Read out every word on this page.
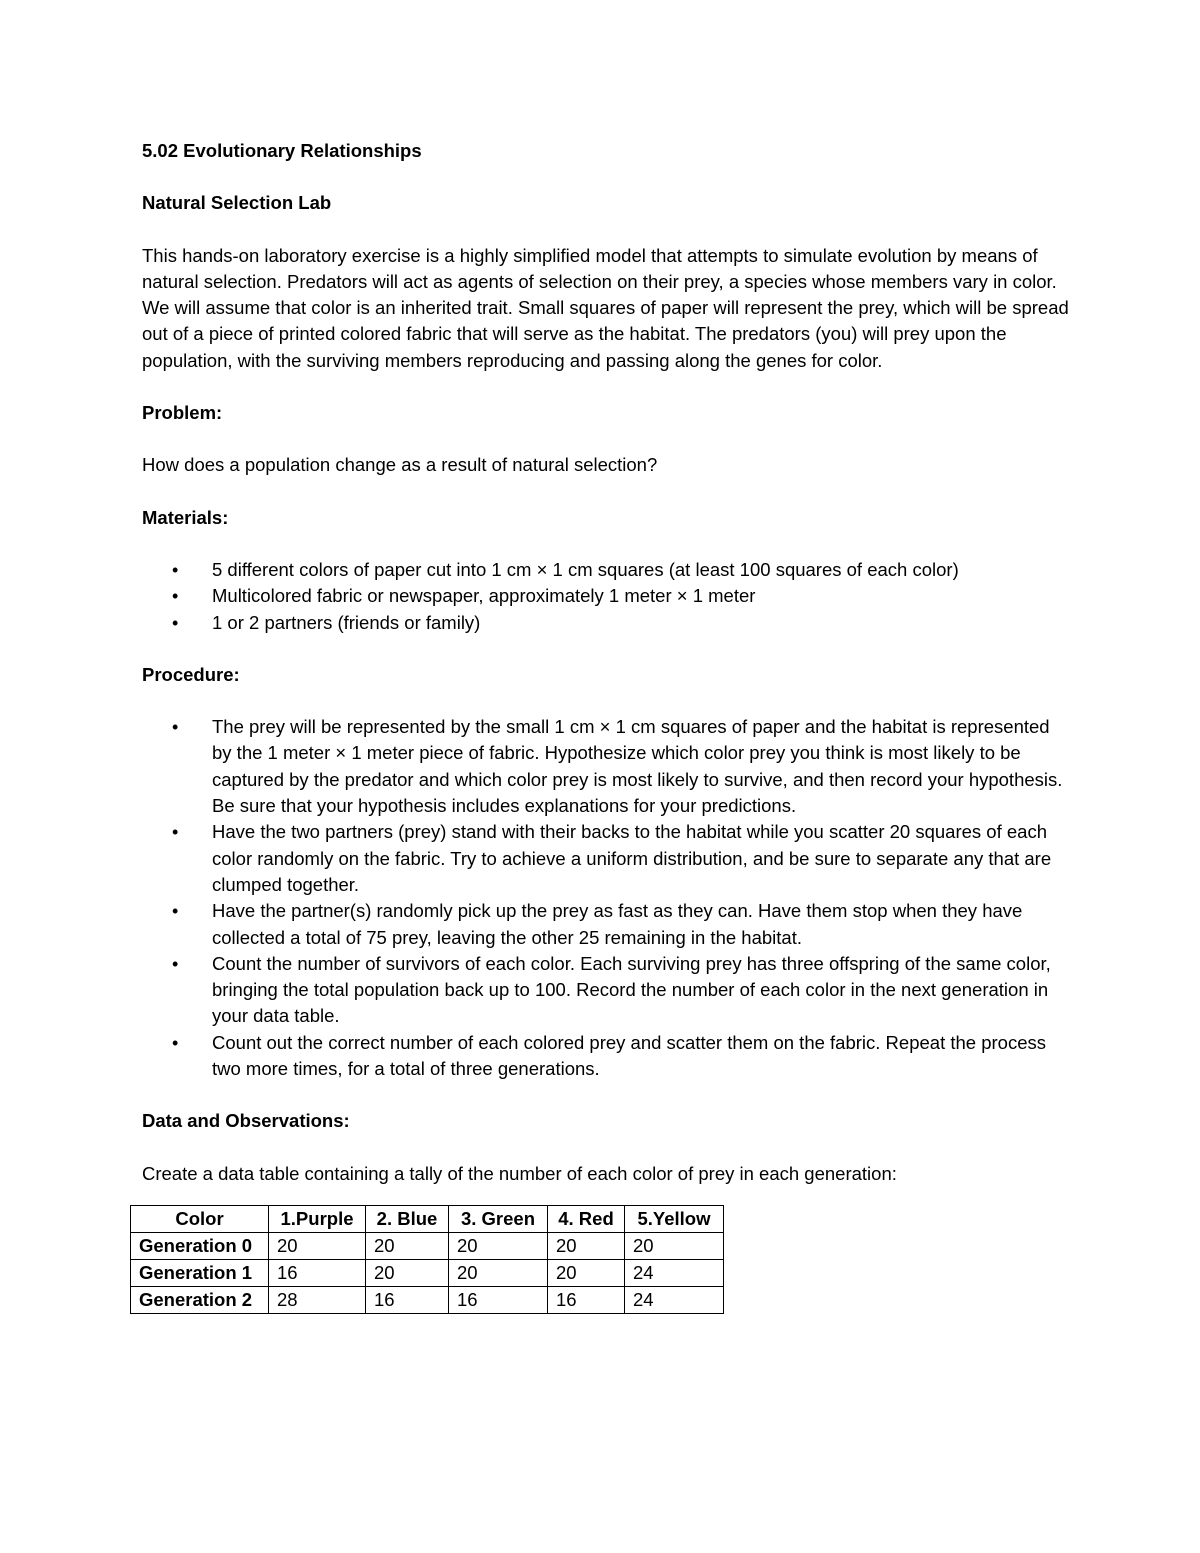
5.02 Evolutionary Relationships
Natural Selection Lab

This hands-on laboratory exercise is a highly simplified model that attempts to simulate evolution by means of natural selection. Predators will act as agents of selection on their prey, a species whose members vary in color. We will assume that color is an inherited trait. Small squares of paper will represent the prey, which will be spread out of a piece of printed colored fabric that will serve as the habitat. The predators (you) will prey upon the population, with the surviving members reproducing and passing along the genes for color.

Problem:

How does a population change as a result of natural selection?

Materials:
• 5 different colors of paper cut into 1 cm × 1 cm squares (at least 100 squares of each color)
• Multicolored fabric or newspaper, approximately 1 meter × 1 meter
• 1 or 2 partners (friends or family)
Procedure:
• The prey will be represented by the small 1 cm × 1 cm squares of paper and the habitat is represented by the 1 meter × 1 meter piece of fabric. Hypothesize which color prey you think is most likely to be captured by the predator and which color prey is most likely to survive, and then record your hypothesis. Be sure that your hypothesis includes explanations for your predictions.
• Have the two partners (prey) stand with their backs to the habitat while you scatter 20 squares of each color randomly on the fabric. Try to achieve a uniform distribution, and be sure to separate any that are clumped together.
• Have the partner(s) randomly pick up the prey as fast as they can. Have them stop when they have collected a total of 75 prey, leaving the other 25 remaining in the habitat.
• Count the number of survivors of each color. Each surviving prey has three offspring of the same color, bringing the total population back up to 100. Record the number of each color in the next generation in your data table.
• Count out the correct number of each colored prey and scatter them on the fabric. Repeat the process two more times, for a total of three generations.
Data and Observations:

Create a data table containing a tally of the number of each color of prey in each generation:

Color	1.Purple	2. Blue	3. Green	4. Red	5.Yellow
Generation 0	20	20	20	20	20
Generation 1	16	20	20	20	24
Generation 2	28	16	16	16	24
